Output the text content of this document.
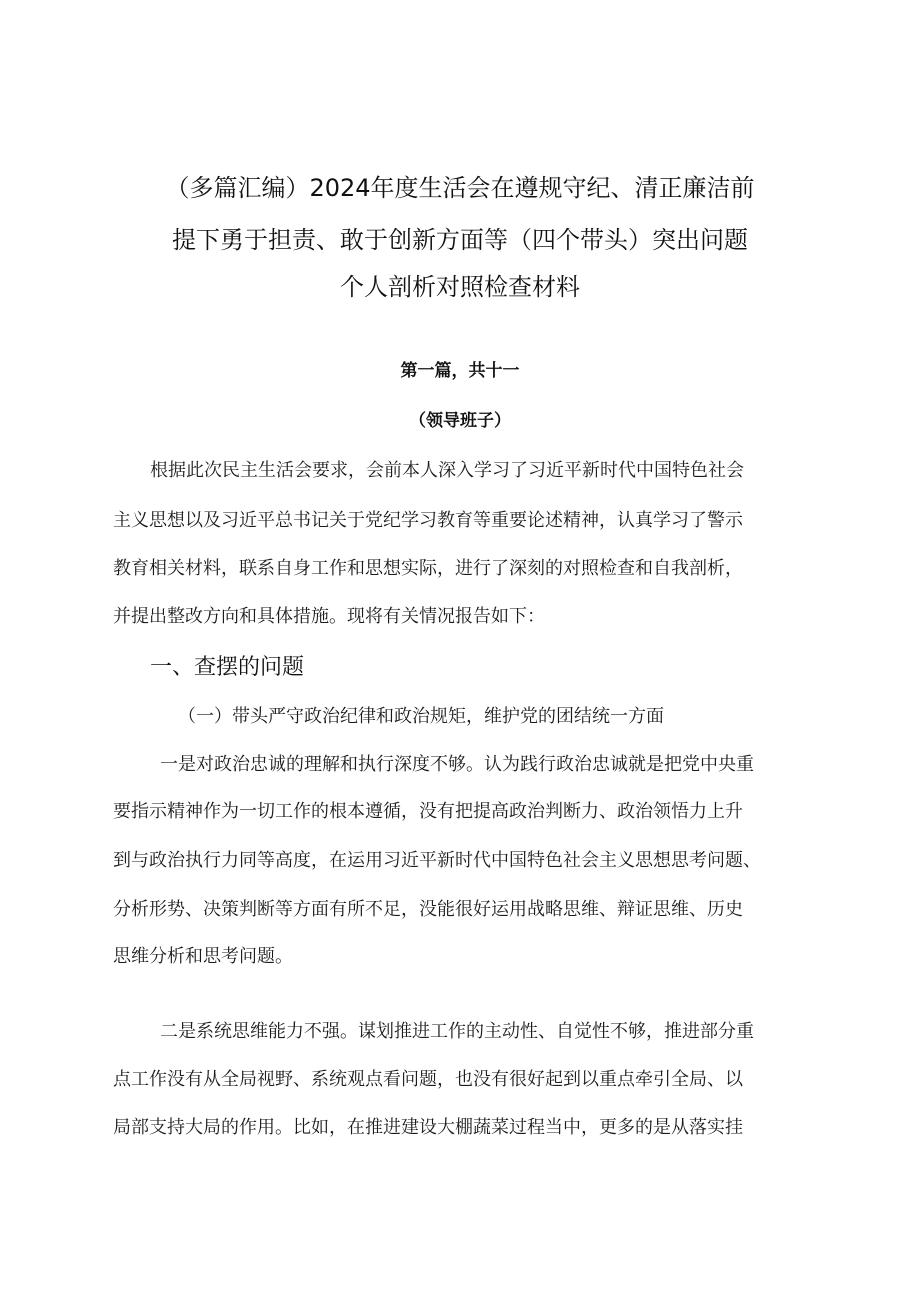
（多篇汇编）2024年度生活会在遵规守纪、清正廉洁前
提下勇于担责、敢于创新方面等（四个带头）突出问题
个人剖析对照检查材料
第一篇，共十一
（领导班子）
根据此次民主生活会要求，会前本人深入学习了习近平新时代中国特色社会
主义思想以及习近平总书记关于党纪学习教育等重要论述精神，认真学习了警示
教育相关材料，联系自身工作和思想实际，进行了深刻的对照检查和自我剖析，
并提出整改方向和具体措施。现将有关情况报告如下：
一、查摆的问题
（一）带头严守政治纪律和政治规矩，维护党的团结统一方面
一是对政治忠诚的理解和执行深度不够。认为践行政治忠诚就是把党中央重
要指示精神作为一切工作的根本遵循，没有把提高政治判断力、政治领悟力上升
到与政治执行力同等高度，在运用习近平新时代中国特色社会主义思想思考问题、
分析形势、决策判断等方面有所不足，没能很好运用战略思维、辩证思维、历史
思维分析和思考问题。
二是系统思维能力不强。谋划推进工作的主动性、自觉性不够，推进部分重
点工作没有从全局视野、系统观点看问题，也没有很好起到以重点牵引全局、以
局部支持大局的作用。比如，在推进建设大棚蔬菜过程当中，更多的是从落实挂
